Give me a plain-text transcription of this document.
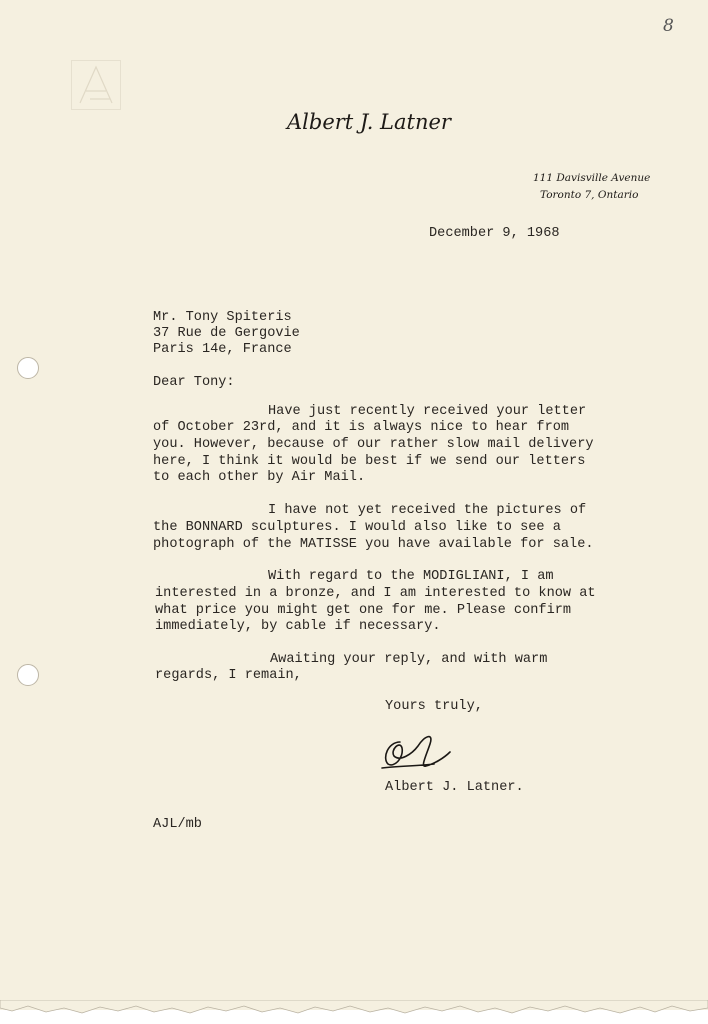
8
Albert J. Latner
111 Davisville Avenue
Toronto 7, Ontario
December 9, 1968
Mr. Tony Spiteris
37 Rue de Gergovie
Paris 14e, France
Dear Tony:
Have just recently received your letter
of October 23rd, and it is always nice to hear from
you. However, because of our rather slow mail delivery
here, I think it would be best if we send our letters
to each other by Air Mail.
I have not yet received the pictures of
the BONNARD sculptures. I would also like to see a
photograph of the MATISSE you have available for sale.
With regard to the MODIGLIANI, I am
interested in a bronze, and I am interested to know at
what price you might get one for me. Please confirm
immediately, by cable if necessary.
Awaiting your reply, and with warm
regards, I remain,
Yours truly,
Albert J. Latner.
AJL/mb
